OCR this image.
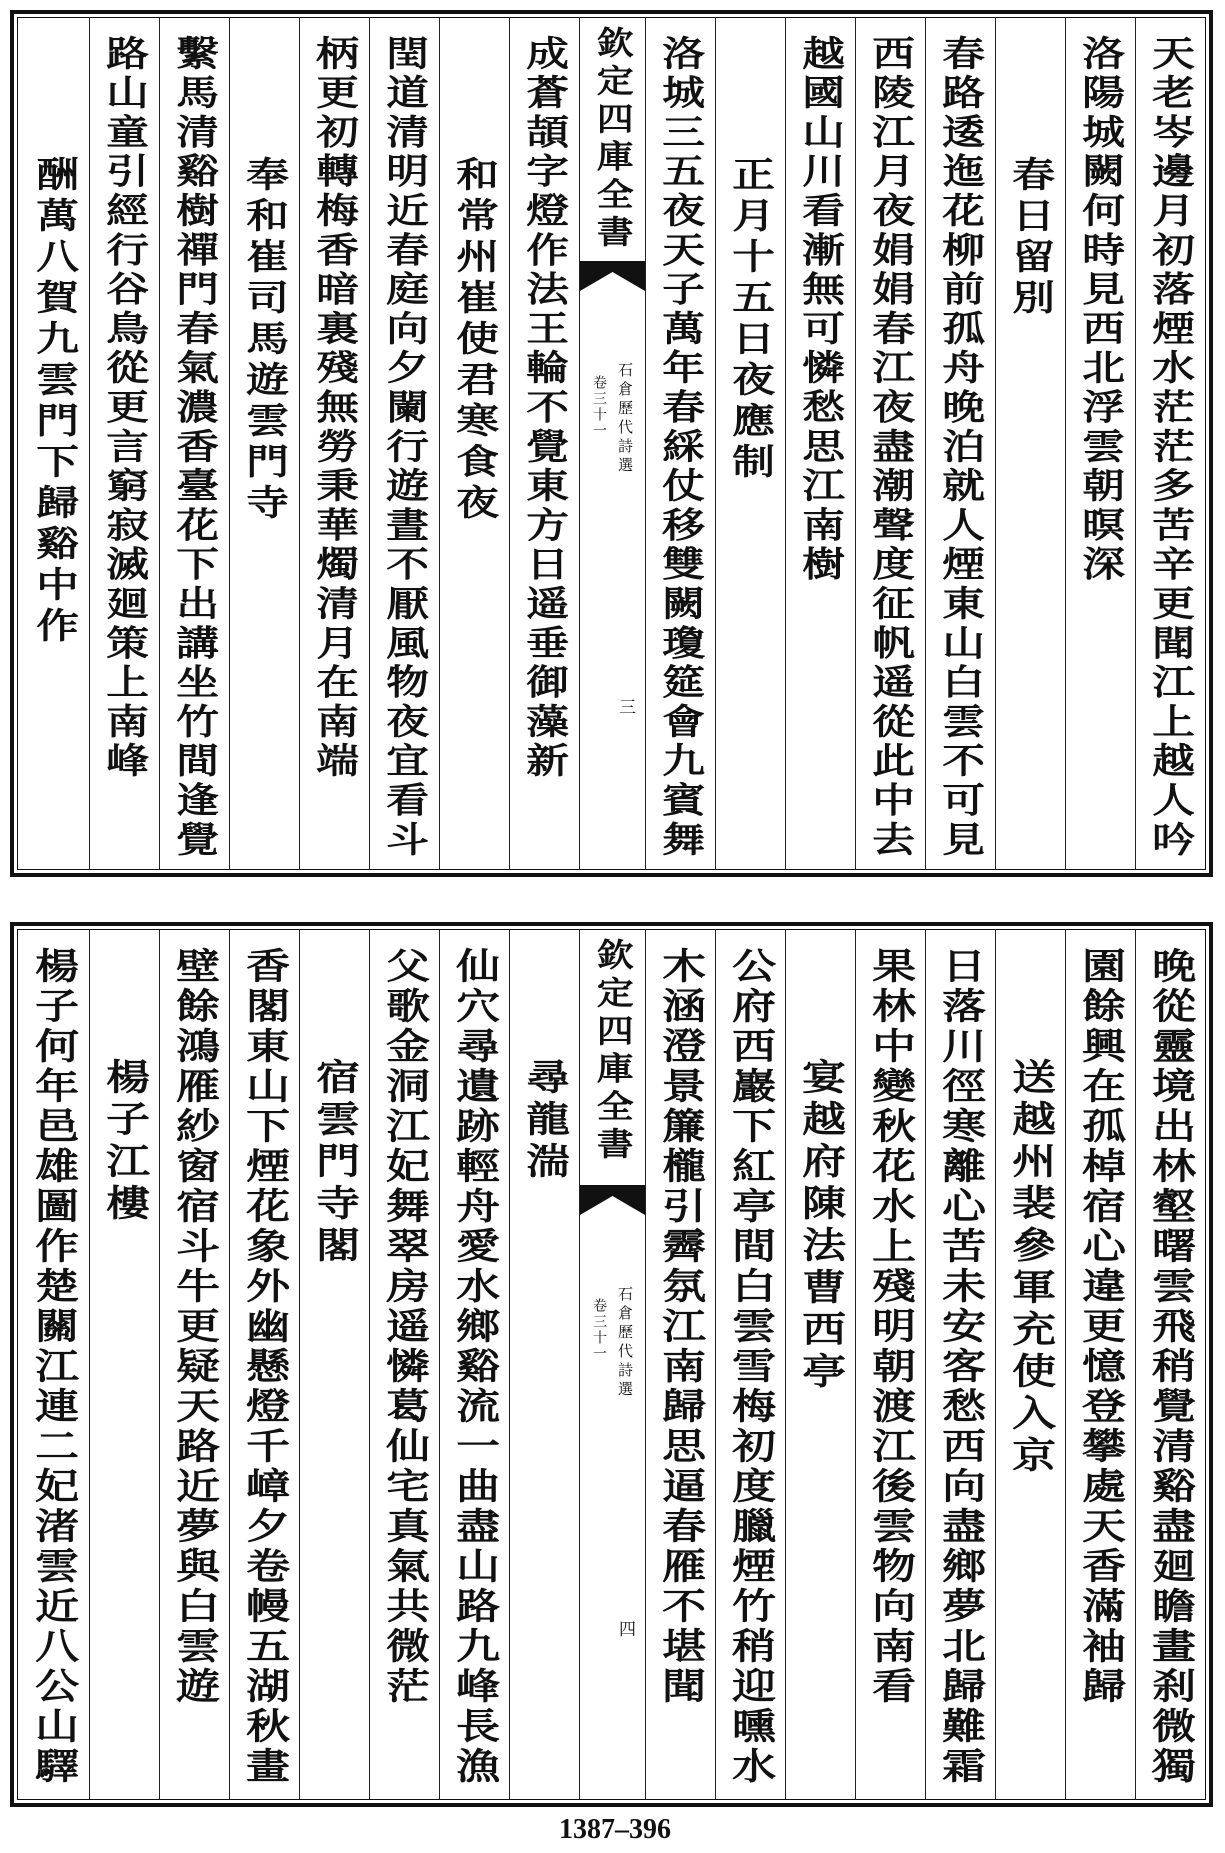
天老岑邊月初落煙水茫茫多苦辛更聞江上越人吟
洛陽城闕何時見西北浮雲朝暝深
春日留別
春路逶迤花柳前孤舟晚泊就人煙東山白雲不可見
西陵江月夜娟娟春江夜盡潮聲度征帆遥從此中去
越國山川看漸無可憐愁思江南樹
正月十五日夜應制
洛城三五夜天子萬年春綵仗移雙闕瓊筵會九賓舞
欽定四庫全書
石倉歷代詩選
卷三十一
三
成蒼頡字燈作法王輪不覺東方日遥垂御藻新
和常州崔使君寒食夜
閏道清明近春庭向夕闌行遊晝不厭風物夜宜看斗
柄更初轉梅香暗裏殘無勞秉華燭清月在南端
奉和崔司馬遊雲門寺
繫馬清谿樹禪門春氣濃香臺花下出講坐竹間逢覺
路山童引經行谷鳥從更言窮寂滅廻策上南峰
酬萬八賀九雲門下歸谿中作
晚從靈境出林壑曙雲飛稍覺清谿盡廻瞻畫刹微獨
園餘興在孤棹宿心違更憶登攀處天香滿袖歸
送越州裴參軍充使入京
日落川徑寒離心苦未安客愁西向盡鄉夢北歸難霜
果林中變秋花水上殘明朝渡江後雲物向南看
宴越府陳法曹西亭
公府西巖下紅亭間白雲雪梅初度臘煙竹稍迎曛水
木涵澄景簾櫳引霽氛江南歸思逼春雁不堪聞
欽定四庫全書
石倉歷代詩選
卷三十一
四
尋龍湍
仙穴尋遺跡輕舟愛水鄉谿流一曲盡山路九峰長漁
父歌金洞江妃舞翠房遥憐葛仙宅真氣共微茫
宿雲門寺閣
香閣東山下煙花象外幽懸燈千嶂夕卷幔五湖秋畫
壁餘鴻雁紗窗宿斗牛更疑天路近夢與白雲遊
楊子江樓
楊子何年邑雄圖作楚關江連二妃渚雲近八公山驛
1387–396
